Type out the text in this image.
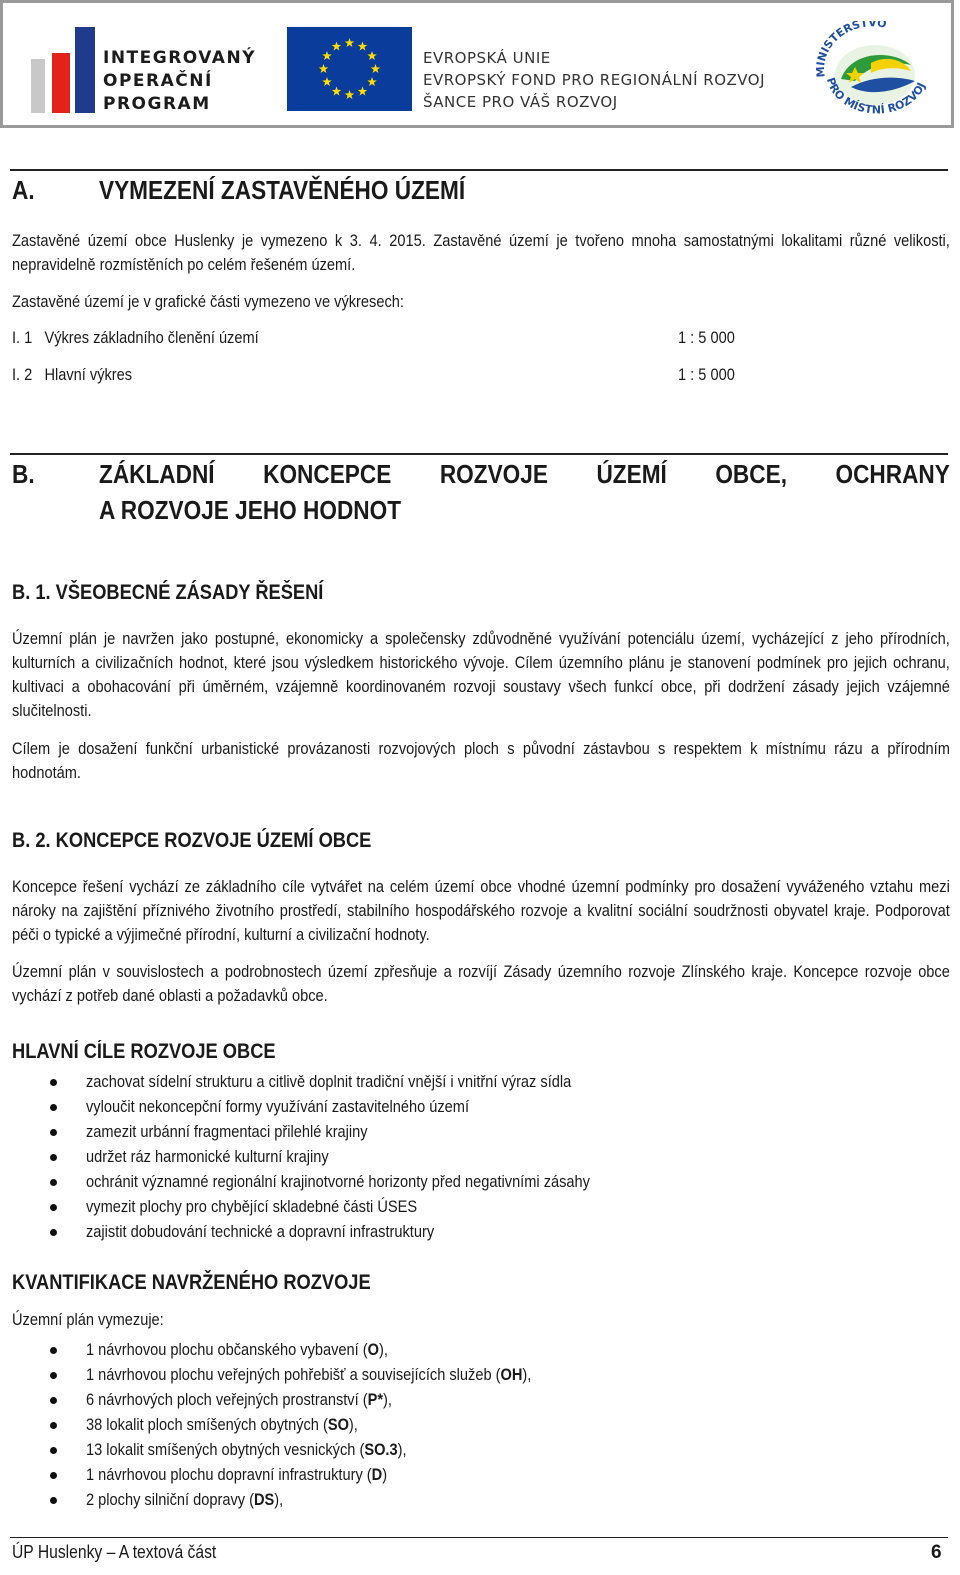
INTEGROVANÝ
OPERAČNÍ
PROGRAM
EVROPSKÁ UNIE
EVROPSKÝ FOND PRO REGIONÁLNÍ ROZVOJ
ŠANCE PRO VÁŠ ROZVOJ
MINISTERSTVO
PRO MÍSTNÍ ROZVOJ
A. VYMEZENÍ ZASTAVĚNÉHO ÚZEMÍ
Zastavěné území obce Huslenky je vymezeno k 3. 4. 2015. Zastavěné území je tvořeno mnoha samostatnými lokalitami různé velikosti, nepravidelně rozmístěních po celém řešeném území.
Zastavěné území je v grafické části vymezeno ve výkresech:
I. 1   Výkres základního členění území	1 : 5 000
I. 2   Hlavní výkres	1 : 5 000
B. ZÁKLADNÍ KONCEPCE ROZVOJE ÚZEMÍ OBCE, OCHRANY
A ROZVOJE JEHO HODNOT
B. 1. VŠEOBECNÉ ZÁSADY ŘEŠENÍ
Územní plán je navržen jako postupné, ekonomicky a společensky zdůvodněné využívání potenciálu území, vycházející z jeho přírodních, kulturních a civilizačních hodnot, které jsou výsledkem historického vývoje. Cílem územního plánu je stanovení podmínek pro jejich ochranu, kultivaci a obohacování při úměrném, vzájemně koordinovaném rozvoji soustavy všech funkcí obce, při dodržení zásady jejich vzájemné slučitelnosti.
Cílem je dosažení funkční urbanistické provázanosti rozvojových ploch s původní zástavbou s respektem k místnímu rázu a přírodním hodnotám.
B. 2. KONCEPCE ROZVOJE ÚZEMÍ OBCE
Koncepce řešení vychází ze základního cíle vytvářet na celém území obce vhodné územní podmínky pro dosažení vyváženého vztahu mezi nároky na zajištění příznivého životního prostředí, stabilního hospodářského rozvoje a kvalitní sociální soudržnosti obyvatel kraje. Podporovat péči o typické a výjimečné přírodní, kulturní a civilizační hodnoty.
Územní plán v souvislostech a podrobnostech území zpřesňuje a rozvíjí Zásady územního rozvoje Zlínského kraje. Koncepce rozvoje obce vychází z potřeb dané oblasti a požadavků obce.
HLAVNÍ CÍLE ROZVOJE OBCE
zachovat sídelní strukturu a citlivě doplnit tradiční vnější i vnitřní výraz sídla
vyloučit nekoncepční formy využívání zastavitelného území
zamezit urbánní fragmentaci přilehlé krajiny
udržet ráz harmonické kulturní krajiny
ochránit významné regionální krajinotvorné horizonty před negativními zásahy
vymezit plochy pro chybějící skladebné části ÚSES
zajistit dobudování technické a dopravní infrastruktury
KVANTIFIKACE NAVRŽENÉHO ROZVOJE
Územní plán vymezuje:
1 návrhovou plochu občanského vybavení (O),
1 návrhovou plochu veřejných pohřebišť a souvisejících služeb (OH),
6 návrhových ploch veřejných prostranství (P*),
38 lokalit ploch smíšených obytných (SO),
13 lokalit smíšených obytných vesnických (SO.3),
1 návrhovou plochu dopravní infrastruktury (D)
2 plochy silniční dopravy (DS),
ÚP Huslenky – A textová část	6
